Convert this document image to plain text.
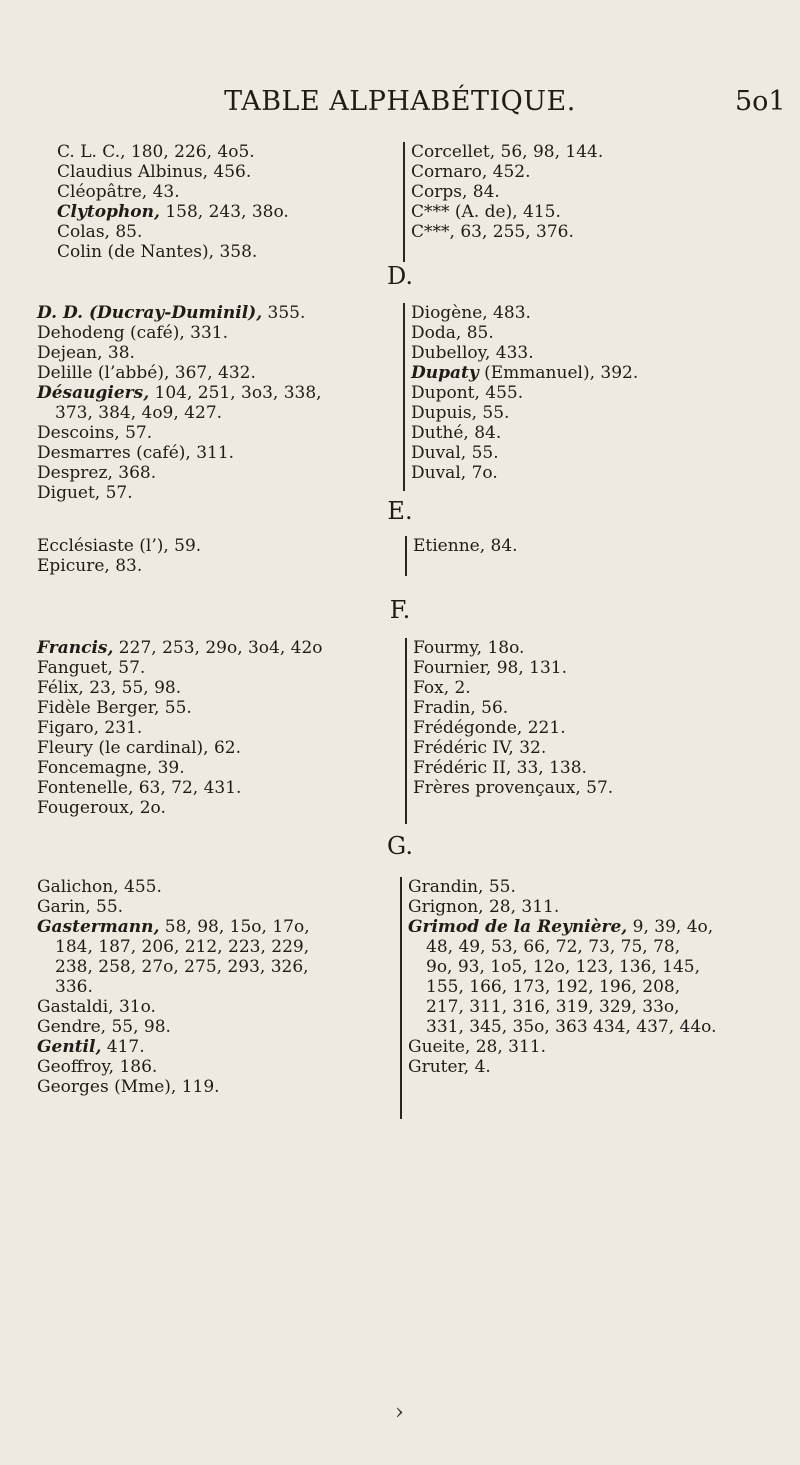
TABLE ALPHABÉTIQUE.	5o1
C. L. C., 180, 226, 4o5.
Claudius Albinus, 456.
Cléopâtre, 43.
Clytophon, 158, 243, 38o.
Colas, 85.
Colin (de Nantes), 358.
Corcellet, 56, 98, 144.
Cornaro, 452.
Corps, 84.
C*** (A. de), 415.
C***, 63, 255, 376.
D.
D. D. (Ducray-Duminil), 355.
Dehodeng (café), 331.
Dejean, 38.
Delille (l’abbé), 367, 432.
Désaugiers, 104, 251, 3o3, 338,
373, 384, 4o9, 427.
Descoins, 57.
Desmarres (café), 311.
Desprez, 368.
Diguet, 57.
Diogène, 483.
Doda, 85.
Dubelloy, 433.
Dupaty (Emmanuel), 392.
Dupont, 455.
Dupuis, 55.
Duthé, 84.
Duval, 55.
Duval, 7o.
E.
Ecclésiaste (l’), 59.
Epicure, 83.
Etienne, 84.
F.
Francis, 227, 253, 29o, 3o4, 42o
Fanguet, 57.
Félix, 23, 55, 98.
Fidèle Berger, 55.
Figaro, 231.
Fleury (le cardinal), 62.
Foncemagne, 39.
Fontenelle, 63, 72, 431.
Fougeroux, 2o.
Fourmy, 18o.
Fournier, 98, 131.
Fox, 2.
Fradin, 56.
Frédégonde, 221.
Frédéric IV, 32.
Frédéric II, 33, 138.
Frères provençaux, 57.
G.
Galichon, 455.
Garin, 55.
Gastermann, 58, 98, 15o, 17o,
184, 187, 206, 212, 223, 229,
238, 258, 27o, 275, 293, 326,
336.
Gastaldi, 31o.
Gendre, 55, 98.
Gentil, 417.
Geoffroy, 186.
Georges (Mme), 119.
Grandin, 55.
Grignon, 28, 311.
Grimod de la Reynière, 9, 39, 4o,
48, 49, 53, 66, 72, 73, 75, 78,
9o, 93, 1o5, 12o, 123, 136, 145,
155, 166, 173, 192, 196, 208,
217, 311, 316, 319, 329, 33o,
331, 345, 35o, 363 434, 437, 44o.
Gueite, 28, 311.
Gruter, 4.
›
